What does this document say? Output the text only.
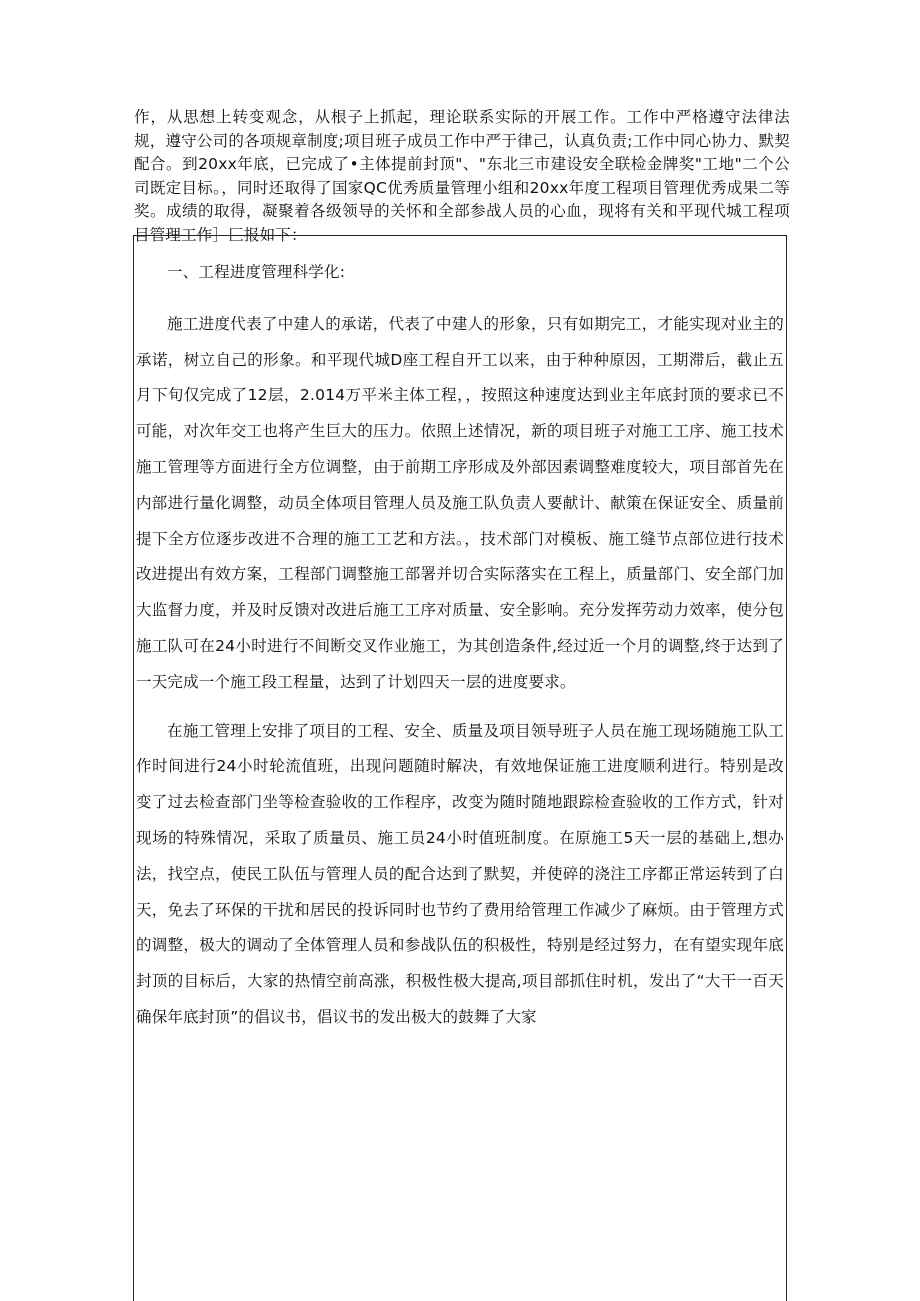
作，从思想上转变观念，从根子上抓起，理论联系实际的开展工作。工作中严格遵守法律法规，遵守公司的各项规章制度;项目班子成员工作中严于律己，认真负责;工作中同心协力、默契配合。到20xx年底，已完成了•主体提前封顶"、"东北三市建设安全联检金牌奖"工地"二个公司既定目标。，同时还取得了国家QC优秀质量管理小组和20xx年度工程项目管理优秀成果二等奖。成绩的取得，凝聚着各级领导的关怀和全部参战人员的心血，现将有关和平现代城工程项目管理工作］匚报如下：

一、工程进度管理科学化:

施工进度代表了中建人的承诺，代表了中建人的形象，只有如期完工，才能实现对业主的承诺，树立自己的形象。和平现代城D座工程自开工以来，由于种种原因，工期滞后，截止五月下旬仅完成了12层，2.014万平米主体工程，，按照这种速度达到业主年底封顶的要求已不可能，对次年交工也将产生巨大的压力。依照上述情况，新的项目班子对施工工序、施工技术施工管理等方面进行全方位调整，由于前期工序形成及外部因素调整难度较大，项目部首先在内部进行量化调整，动员全体项目管理人员及施工队负责人要献计、献策在保证安全、质量前提下全方位逐步改进不合理的施工工艺和方法。，技术部门对模板、施工缝节点部位进行技术改进提出有效方案，工程部门调整施工部署并切合实际落实在工程上，质量部门、安全部门加大监督力度，并及时反馈对改进后施工工序对质量、安全影响。充分发挥劳动力效率，使分包施工队可在24小时进行不间断交叉作业施工，为其创造条件,经过近一个月的调整,终于达到了一天完成一个施工段工程量，达到了计划四天一层的进度要求。

在施工管理上安排了项目的工程、安全、质量及项目领导班子人员在施工现场随施工队工作时间进行24小时轮流值班，出现问题随时解决，有效地保证施工进度顺利进行。特别是改变了过去检查部门坐等检查验收的工作程序，改变为随时随地跟踪检查验收的工作方式，针对现场的特殊情况，采取了质量员、施工员24小时值班制度。在原施工5天一层的基础上,想办法，找空点，使民工队伍与管理人员的配合达到了默契，并使碎的浇注工序都正常运转到了白天，免去了环保的干扰和居民的投诉同时也节约了费用给管理工作减少了麻烦。由于管理方式的调整，极大的调动了全体管理人员和参战队伍的积极性，特别是经过努力，在有望实现年底封顶的目标后，大家的热情空前高涨，积极性极大提高,项目部抓住时机，发出了“大干一百天确保年底封顶”的倡议书，倡议书的发出极大的鼓舞了大家
